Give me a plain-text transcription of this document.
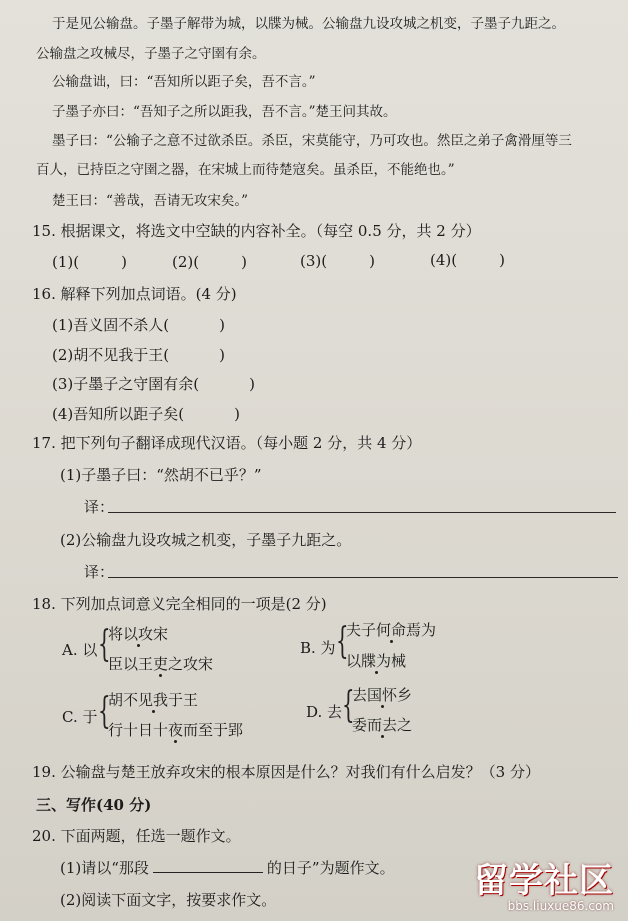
于是见公输盘。子墨子解带为城，以牒为械。公输盘九设攻城之机变，子墨子九距之。
公输盘之攻械尽，子墨子之守圉有余。
公输盘诎，曰：“吾知所以距子矣，吾不言。”
子墨子亦曰：“吾知子之所以距我，吾不言。”楚王问其故。
墨子曰：“公输子之意不过欲杀臣。杀臣，宋莫能守，乃可攻也。然臣之弟子禽滑厘等三
百人，已持臣之守圉之器，在宋城上而待楚寇矣。虽杀臣，不能绝也。”
楚王曰：“善哉，吾请无攻宋矣。”
15. 根据课文，将选文中空缺的内容补全。（每空 0.5 分，共 2 分）
(1)(	)	(2)(	)	(3)(	)	(4)(	)
16. 解释下列加点词语。(4 分)
(1)吾义固不杀人(	)
(2)胡不见我于王(	)
(3)子墨子之守圉有余(	)
(4)吾知所以距子矣(	)
17. 把下列句子翻译成现代汉语。（每小题 2 分，共 4 分）
(1)子墨子曰：“然胡不已乎？”
译：
(2)公输盘九设攻城之机变，子墨子九距之。
译：
18. 下列加点词意义完全相同的一项是(2 分)
A. 以 {
将以攻宋
臣以王吏之攻宋
B. 为 {
夫子何命焉为
以牒为械
C. 于 {
胡不见我于王
行十日十夜而至于郢
D. 去 {
去国怀乡
委而去之
19. 公输盘与楚王放弃攻宋的根本原因是什么？对我们有什么启发？（3 分）
三、写作(40 分)
20. 下面两题，任选一题作文。
(1)请以“那段	的日子”为题作文。
(2)阅读下面文字，按要求作文。	留学社区
bbs.liuxue86.com
